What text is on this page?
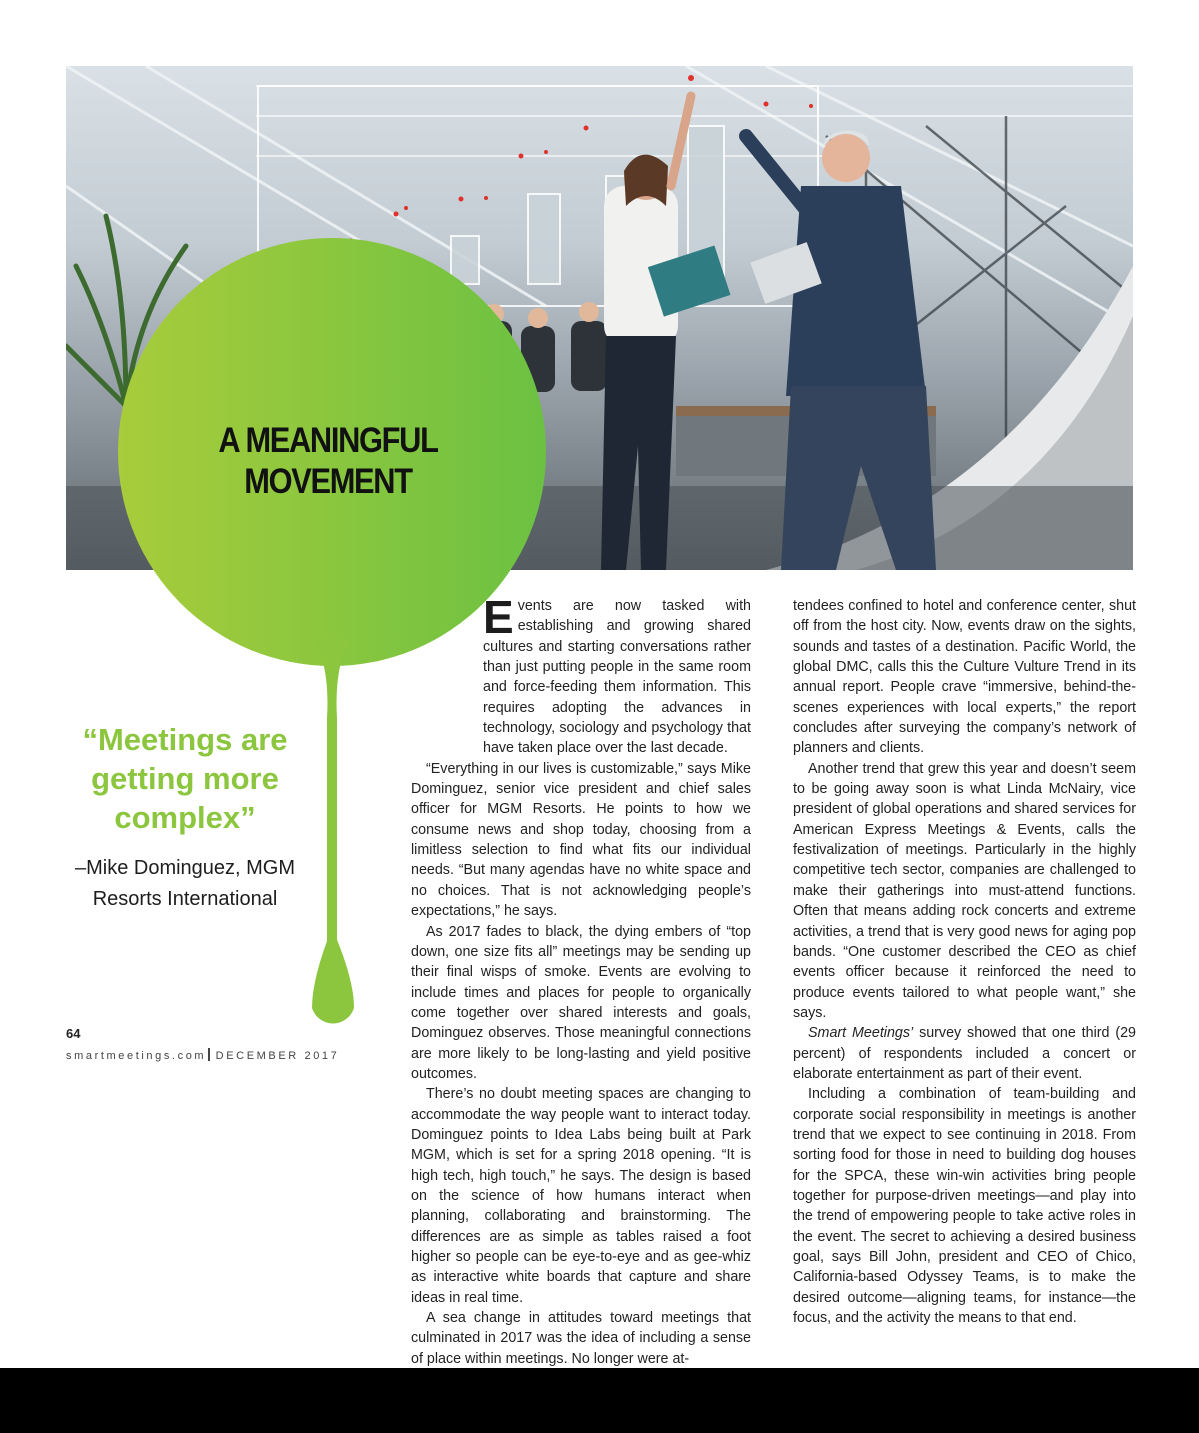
A MEANINGFUL
MOVEMENT
“Meetings are
getting more
complex”
–Mike Dominguez, MGM
Resorts International

Events are now tasked with establishing and growing shared cultures and starting conversations rather than just putting people in the same room and force-feeding them information. This requires adopting the advances in technology, sociology and psychology that have taken place over the last decade.

“Everything in our lives is customizable,” says Mike Dominguez, senior vice president and chief sales officer for MGM Resorts. He points to how we consume news and shop today, choosing from a limitless selection to find what fits our individual needs. “But many agendas have no white space and no choices. That is not acknowledging people’s expectations,” he says.

As 2017 fades to black, the dying embers of “top down, one size fits all” meetings may be sending up their final wisps of smoke. Events are evolving to include times and places for people to organically come together over shared interests and goals, Dominguez observes. Those meaningful connections are more likely to be long-lasting and yield positive outcomes.

There’s no doubt meeting spaces are changing to accommodate the way people want to interact today. Dominguez points to Idea Labs being built at Park MGM, which is set for a spring 2018 opening. “It is high tech, high touch,” he says. The design is based on the science of how humans interact when planning, collaborating and brainstorming. The differences are as simple as tables raised a foot higher so people can be eye-to-eye and as gee-whiz as interactive white boards that capture and share ideas in real time.

A sea change in attitudes toward meetings that culminated in 2017 was the idea of including a sense of place within meetings. No longer were at-

tendees confined to hotel and conference center, shut off from the host city. Now, events draw on the sights, sounds and tastes of a destination. Pacific World, the global DMC, calls this the Culture Vulture Trend in its annual report. People crave “immersive, behind-the-scenes experiences with local experts,” the report concludes after surveying the company’s network of planners and clients.

Another trend that grew this year and doesn’t seem to be going away soon is what Linda McNairy, vice president of global operations and shared services for American Express Meetings & Events, calls the festivalization of meetings. Particularly in the highly competitive tech sector, companies are challenged to make their gatherings into must-attend functions. Often that means adding rock concerts and extreme activities, a trend that is very good news for aging pop bands. “One customer described the CEO as chief events officer because it reinforced the need to produce events tailored to what people want,” she says.

Smart Meetings’ survey showed that one third (29 percent) of respondents included a concert or elaborate entertainment as part of their event.

Including a combination of team-building and corporate social responsibility in meetings is another trend that we expect to see continuing in 2018. From sorting food for those in need to building dog houses for the SPCA, these win-win activities bring people together for purpose-driven meetings—and play into the trend of empowering people to take active roles in the event. The secret to achieving a desired business goal, says Bill John, president and CEO of Chico, California-based Odyssey Teams, is to make the desired outcome—aligning teams, for instance—the focus, and the activity the means to that end.

64
smartmeetings.com DECEMBER 2017
